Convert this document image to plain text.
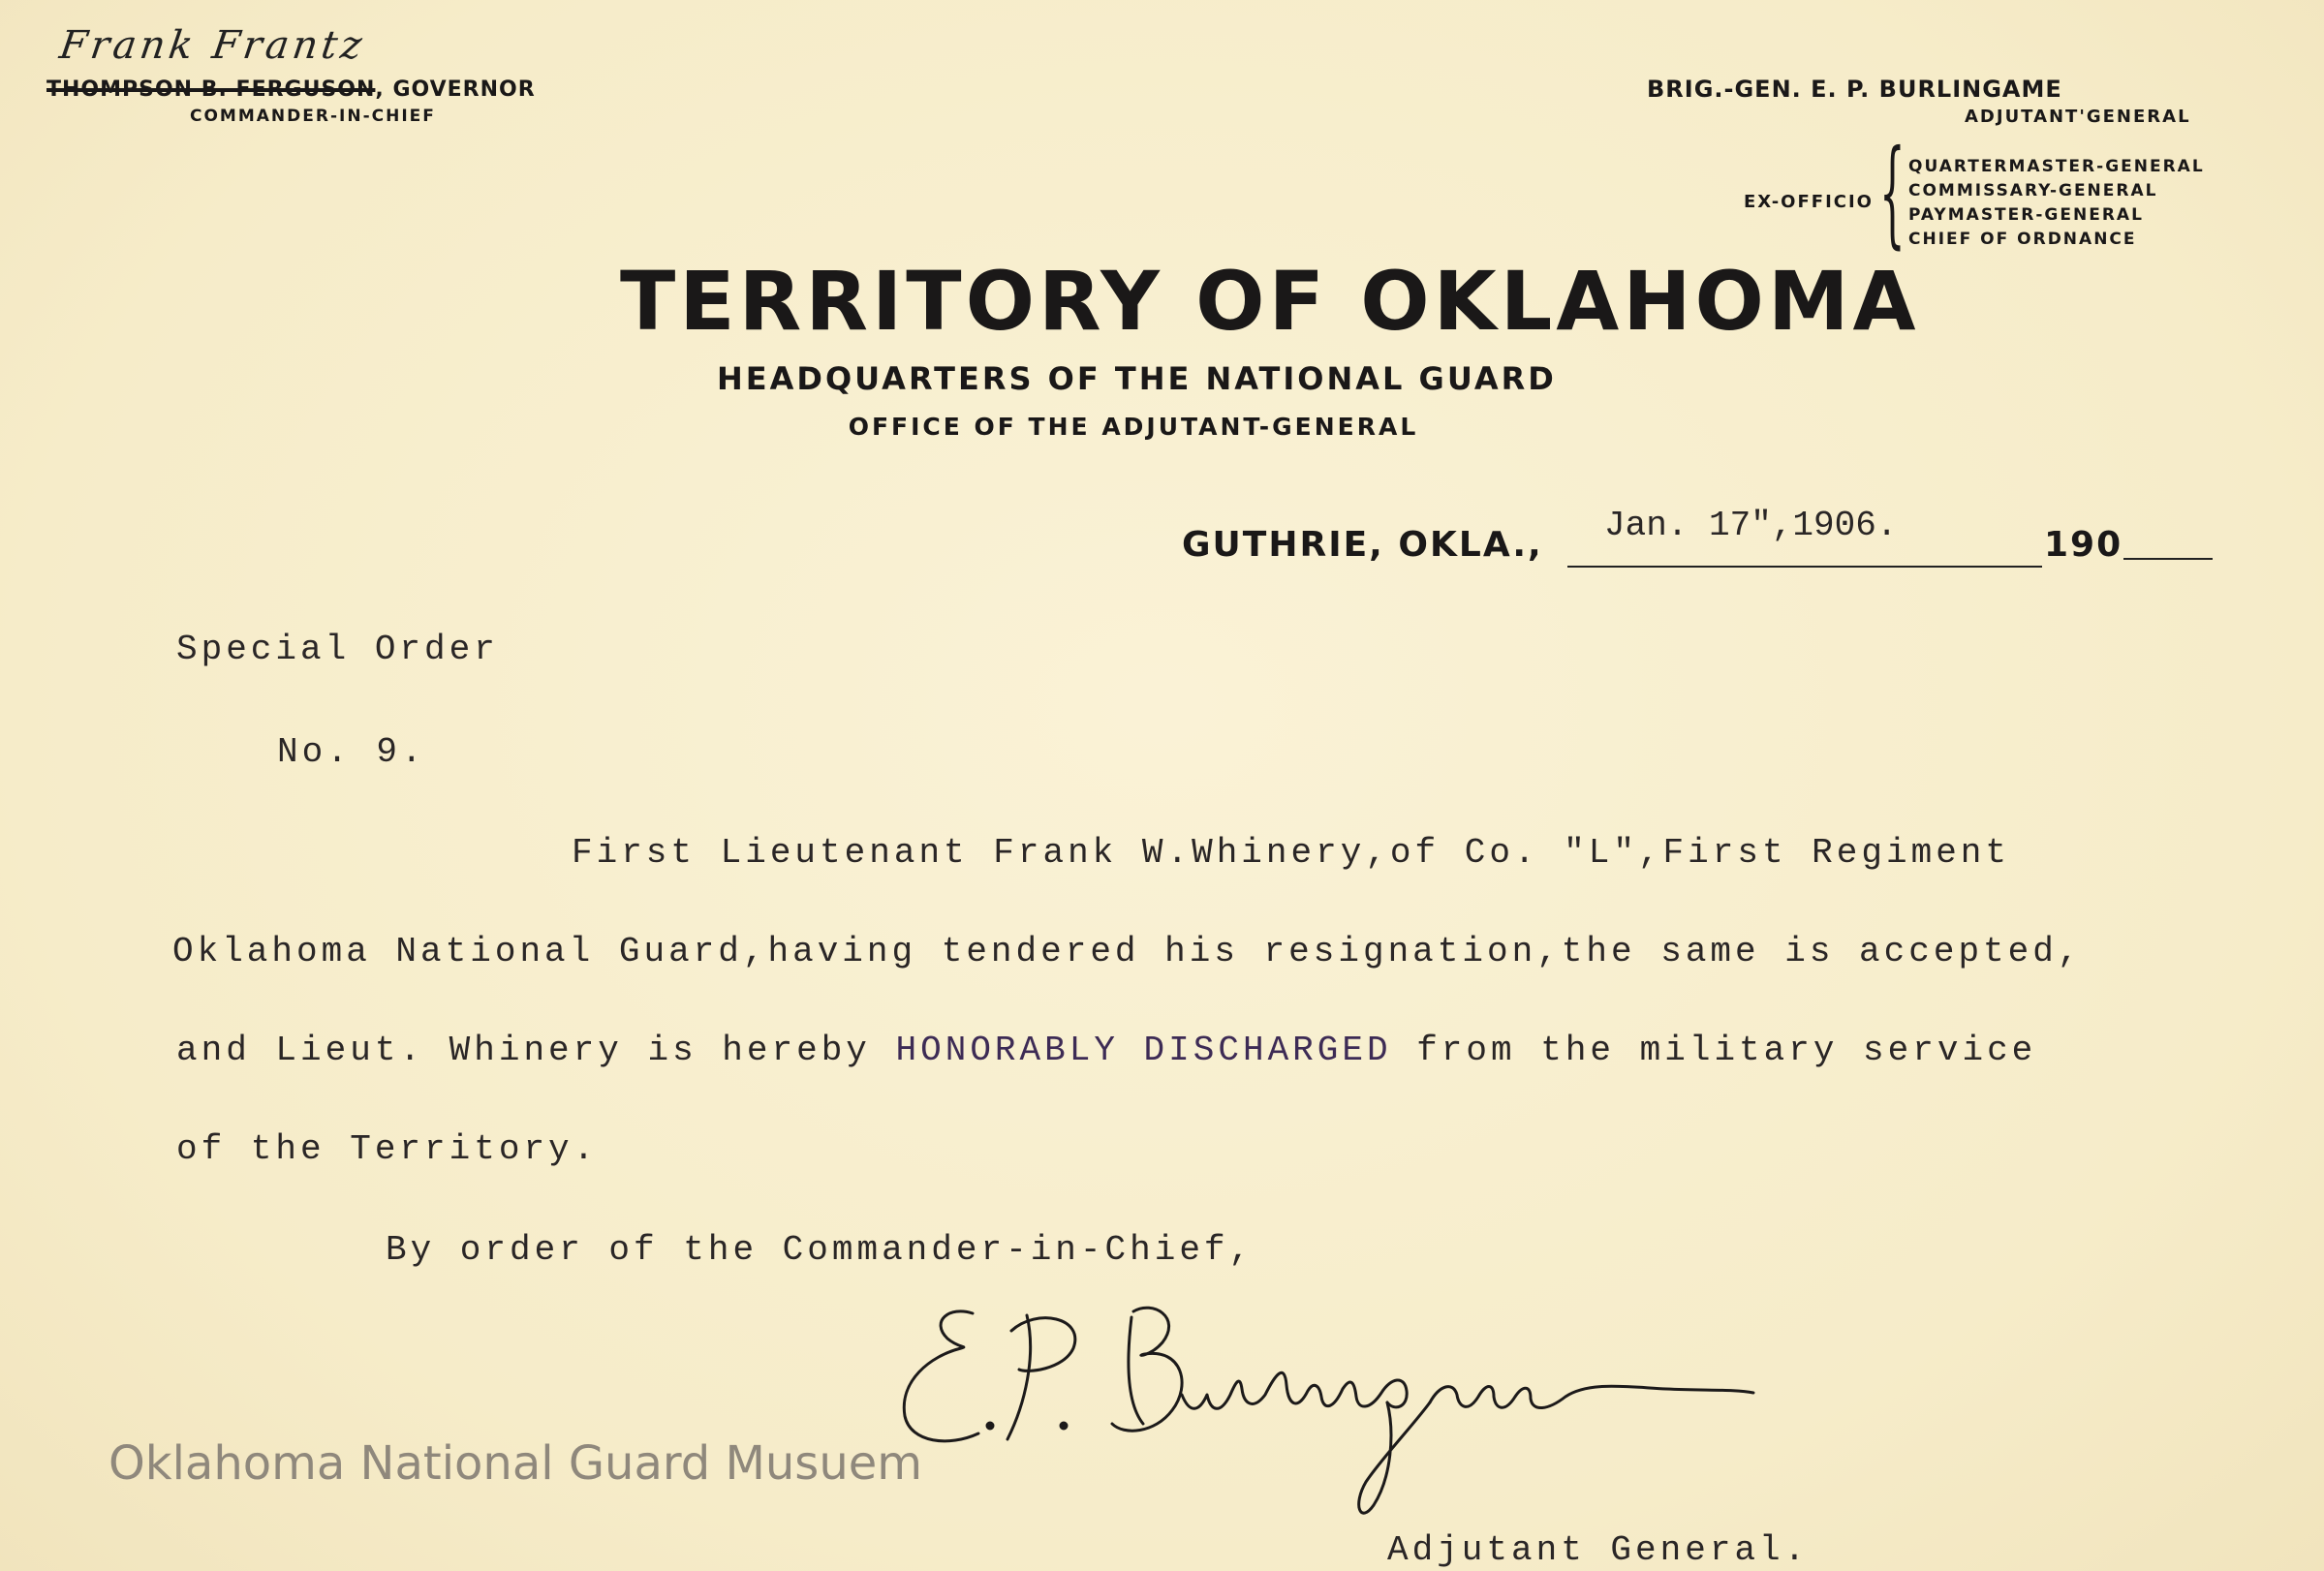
Frank Frantz
THOMPSON B. FERGUSON, GOVERNOR
COMMANDER-IN-CHIEF
BRIG.-GEN. E. P. BURLINGAME
ADJUTANT'GENERAL
EX-OFFICIO { QUARTERMASTER-GENERAL
COMMISSARY-GENERAL
PAYMASTER-GENERAL
CHIEF OF ORDNANCE
TERRITORY OF OKLAHOMA
HEADQUARTERS OF THE NATIONAL GUARD
OFFICE OF THE ADJUTANT-GENERAL
GUTHRIE, OKLA., Jan. 17",1906.	190
Special Order
No. 9.
First Lieutenant Frank W.Whinery,of Co. "L",First Regiment
Oklahoma National Guard,having tendered his resignation,the same is accepted,
and Lieut. Whinery is hereby HONORABLY DISCHARGED from the military service
of the Territory.
By order of the Commander-in-Chief,
Adjutant General.
Oklahoma National Guard Musuem
